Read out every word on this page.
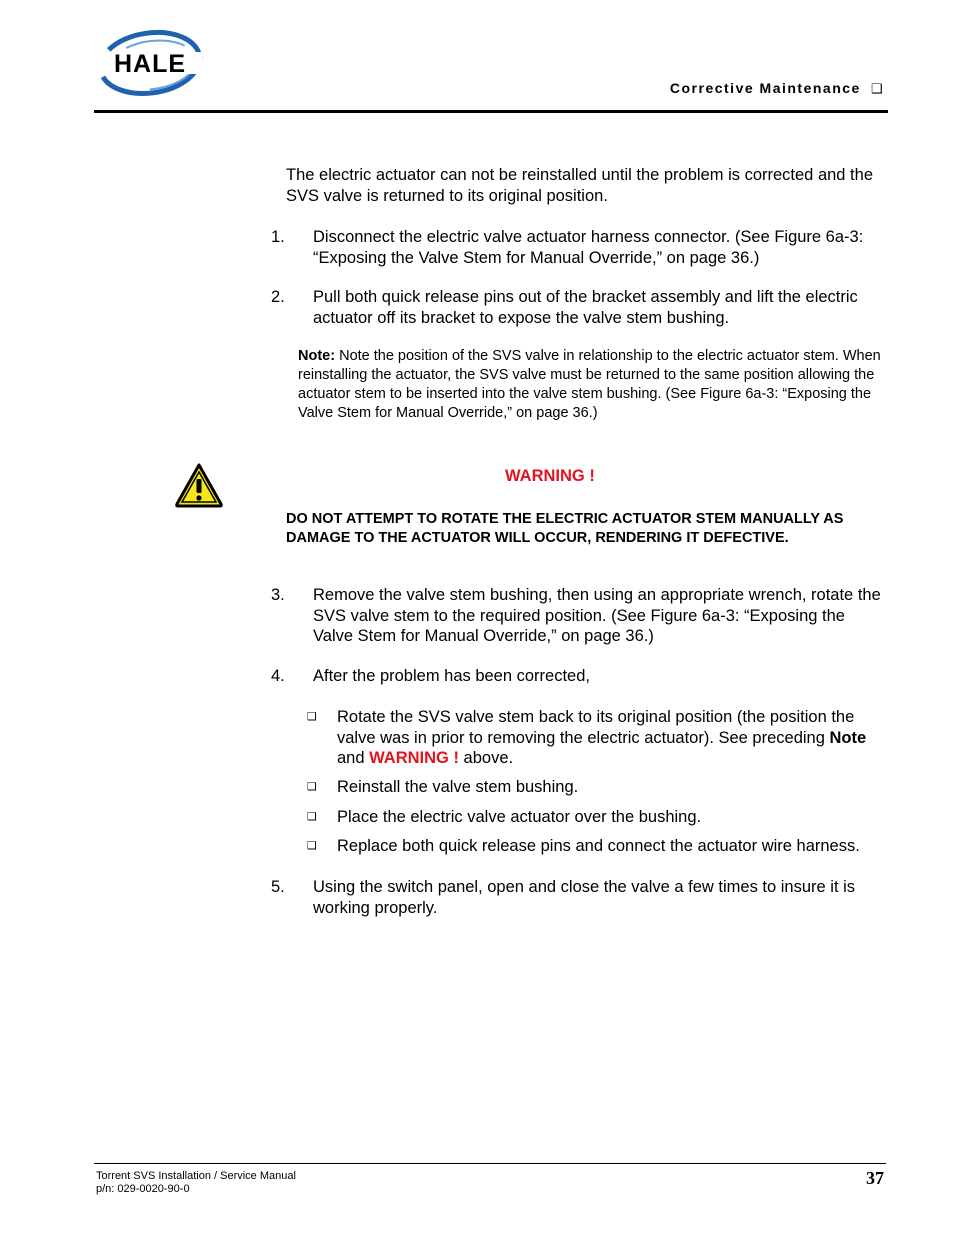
HALE
Corrective Maintenance ❑

The electric actuator can not be reinstalled until the problem is corrected and the SVS valve is returned to its original position.

1. Disconnect the electric valve actuator harness connector. (See Figure 6a-3: “Exposing the Valve Stem for Manual Override,” on page 36.)

2. Pull both quick release pins out of the bracket assembly and lift the electric actuator off its bracket to expose the valve stem bushing.

Note: Note the position of the SVS valve in relationship to the electric actuator stem. When reinstalling the actuator, the SVS valve must be returned to the same position allowing the actuator stem to be inserted into the valve stem bushing. (See Figure 6a-3: “Exposing the Valve Stem for Manual Override,” on page 36.)
WARNING !
DO NOT ATTEMPT TO ROTATE THE ELECTRIC ACTUATOR STEM MANUALLY AS DAMAGE TO THE ACTUATOR WILL OCCUR, RENDERING IT DEFECTIVE.
3. Remove the valve stem bushing, then using an appropriate wrench, rotate the SVS valve stem to the required position. (See Figure 6a-3: “Exposing the Valve Stem for Manual Override,” on page 36.)

4. After the problem has been corrected,

❑ Rotate the SVS valve stem back to its original position (the position the valve was in prior to removing the electric actuator). See preceding Note and WARNING ! above.
❑ Reinstall the valve stem bushing.
❑ Place the electric valve actuator over the bushing.
❑ Replace both quick release pins and connect the actuator wire harness.
5. Using the switch panel, open and close the valve a few times to insure it is working properly.

Torrent SVS Installation / Service Manual
p/n: 029-0020-90-0
37
